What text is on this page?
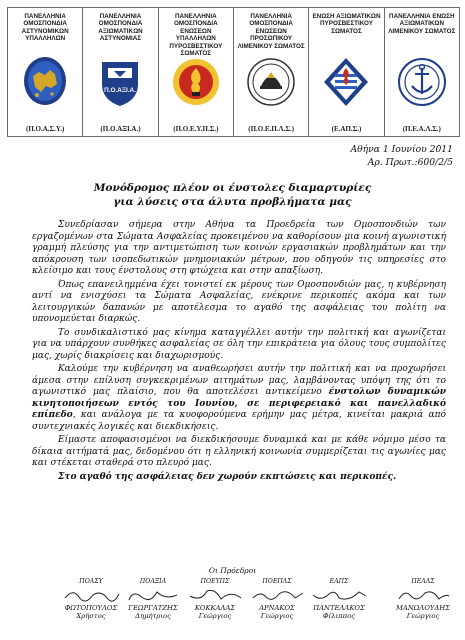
ΠΑΝΕΛΛΗΝΙΑ ΟΜΟΣΠΟΝΔΙΑ ΑΣΤΥΝΟΜΙΚΩΝ ΥΠΑΛΛΗΛΩΝ
(Π.Ο.Α.Σ.Υ.)
ΠΑΝΕΛΛΗΝΙΑ ΟΜΟΣΠΟΝΔΙΑ ΑΞΙΩΜΑΤΙΚΩΝ ΑΣΤΥΝΟΜΙΑΣ
Π.Ο.ΑΞΙ.Α.
(Π.Ο.ΑΞΙ.Α.)
ΠΑΝΕΛΛΗΝΙΑ ΟΜΟΣΠΟΝΔΙΑ ΕΝΩΣΕΩΝ ΥΠΑΛΛΗΛΩΝ ΠΥΡΟΣΒΕΣΤΙΚΟΥ ΣΩΜΑΤΟΣ
(Π.Ο.Ε.Υ.Π.Σ.)
ΠΑΝΕΛΛΗΝΙΑ ΟΜΟΣΠΟΝΔΙΑ ΕΝΩΣΕΩΝ ΠΡΟΣΩΠΙΚΟΥ ΛΙΜΕΝΙΚΟΥ ΣΩΜΑΤΟΣ
(Π.Ο.Ε.Π.Λ.Σ.)
ΕΝΩΣΗ ΑΞΙΩΜΑΤΙΚΩΝ ΠΥΡΟΣΒΕΣΤΙΚΟΥ ΣΩΜΑΤΟΣ
(Ε.ΑΠ.Σ.)
ΠΑΝΕΛΛΗΝΙΑ ΕΝΩΣΗ ΑΞΙΩΜΑΤΙΚΩΝ ΛΙΜΕΝΙΚΟΥ ΣΩΜΑΤΟΣ
(Π.Ε.Α.Λ.Σ.)
Αθήνα 1 Ιουνίου 2011
Αρ. Πρωτ.:600/2/5
Μονόδρομος πλέον οι ένστολες διαμαρτυρίες
για λύσεις στα άλυτα προβλήματα μας

Συνεδρίασαν σήμερα στην Αθήνα τα Προεδρεία των Ομοσπονδιών των εργαζομένων στα Σώματα Ασφαλείας προκειμένου να καθορίσουν μια κοινή αγωνιστική γραμμή πλεύσης για την αντιμετώπιση των κοινών εργασιακών προβλημάτων και την απόκρουση των ισοπεδωτικών μνημονιακών μέτρων, που οδηγούν τις υπηρεσίες στο κλείσιμο και τους ένστολους στη φτώχεια και στην απαξίωση.

Όπως επανειλημμένα έχει τονιστεί εκ μέρους των Ομοσπονδιών μας, η κυβέρνηση αντί να ενισχύσει τα Σώματα Ασφαλείας, ενέκρινε περικοπές ακόμα και των λειτουργικών δαπανών με αποτέλεσμα το αγαθό της ασφάλειας του πολίτη να υπονομεύεται διαρκώς.

Το συνδικαλιστικό μας κίνημα καταγγέλλει αυτήν την πολιτική και αγωνίζεται για να υπάρχουν συνθήκες ασφαλείας σε όλη την επικράτεια για όλους τους συμπολίτες μας, χωρίς διακρίσεις και διαχωρισμούς.

Καλούμε την κυβέρνηση να αναθεωρήσει αυτήν την πολιτική και να προχωρήσει άμεσα στην επίλυση συγκεκριμένων αιτημάτων μας, λαμβάνοντας υπόψη της ότι το αγωνιστικό μας πλαίσιο, που θα αποτελέσει αντικείμενο ένστολων δυναμικών κινητοποιήσεων εντός του Ιουνίου, σε περιφερειακό και πανελλαδικό επίπεδο, και ανάλογα με τα κυοφορούμενα ερήμην μας μέτρα, κινείται μακριά από συντεχνιακές λογικές και διεκδικήσεις.

Είμαστε αποφασισμένοι να διεκδικήσουμε δυναμικά και με κάθε νόμιμο μέσο τα δίκαια αιτήματά μας, δεδομένου ότι η ελληνική κοινωνία συμμερίζεται τις αγωνίες μας και στέκεται σταθερά στο πλευρό μας.

Στο αγαθό της ασφάλειας δεν χωρούν εκπτώσεις και περικοπές.

Οι Πρόεδροι
ΠΟΑΣΥ
ΦΩΤΟΠΟΥΛΟΣ
Χρήστος
ΠΟΑΞΙΑ
ΓΕΩΡΓΑΤΖΗΣ
Δημήτριος
ΠΟΕΥΠΣ
ΚΟΚΚΑΛΑΣ
Γεώργιος
ΠΟΕΠΛΣ
ΑΡΝΑΚΟΣ
Γεώργιος
ΕΑΠΣ
ΠΑΝΤΕΛΑΚΟΣ
Φίλιππος
ΠΕΑΛΣ
ΜΑΝΩΛΟΥΔΗΣ
Γεώργιος
